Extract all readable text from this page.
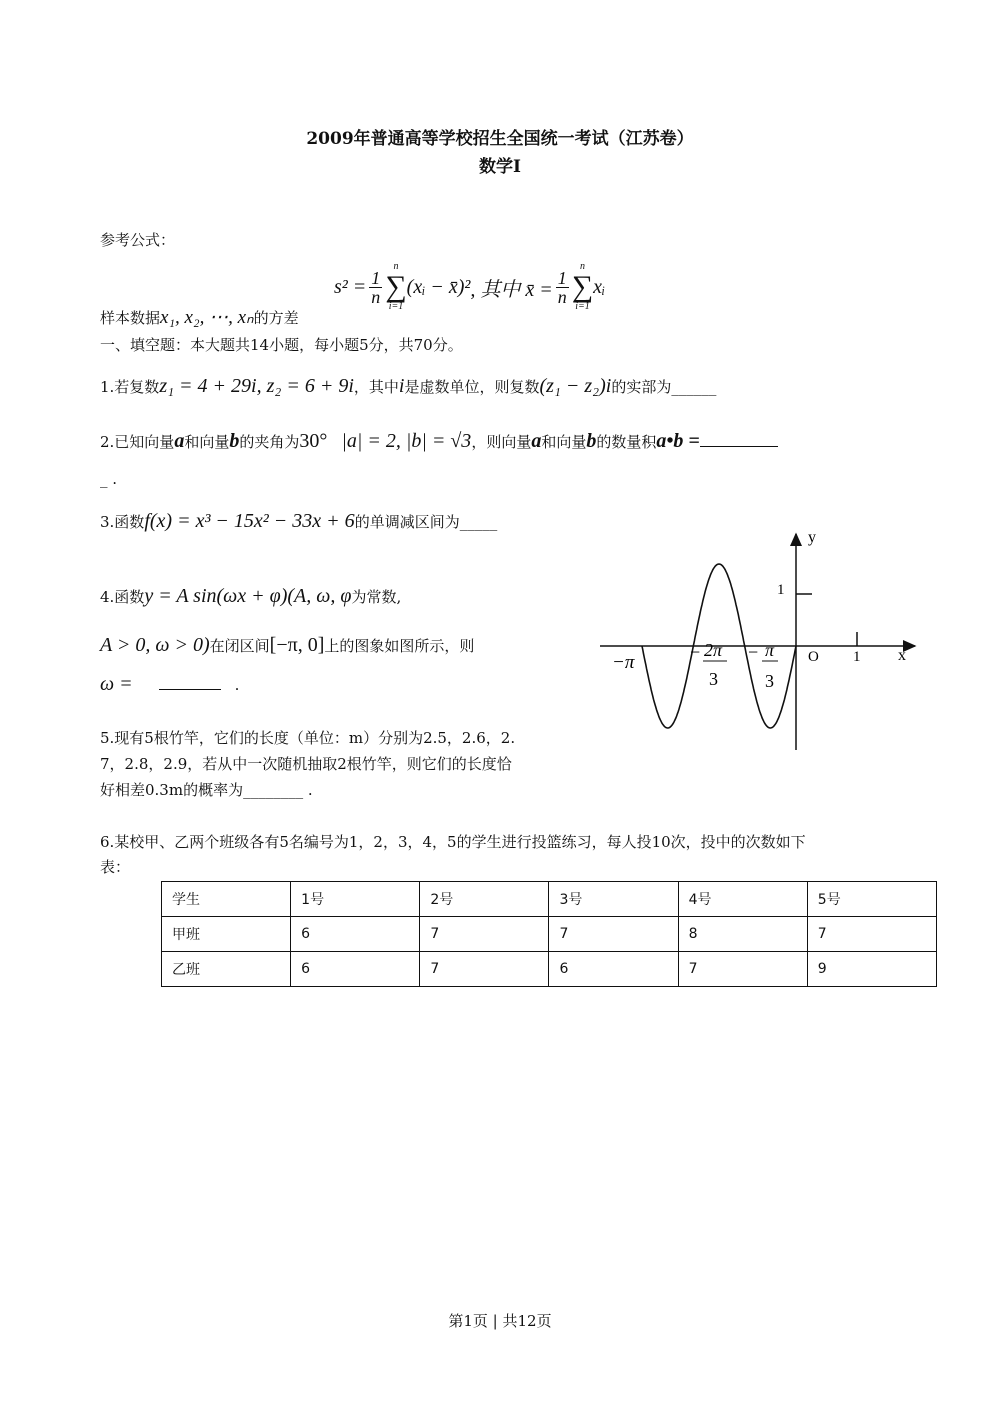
2009年普通高等学校招生全国统一考试（江苏卷）
数学I
参考公式：
样本数据x₁, x₂, ⋯, xₙ的方差
$s^2 = \frac{1}{n}$
n
∑
i=1
(xᵢ − x̄)² , 其中 x̄ = $\frac{1}{n}$
n
∑
i=1
xᵢ
一、填空题：本大题共14小题，每小题5分，共70分。
1.若复数 z₁ = 4 + 29i, z₂ = 6 + 9i ，其中 i 是虚数单位，则复数 (z₁ − z₂)i 的实部为______
2.已知向量 a 和向量 b 的夹角为 30° |a| = 2, |b| = √3 ，则向量 a 和向量 b 的数量积 a•b =
_ .
3.函数 f(x) = x³ − 15x² − 33x + 6 的单调减区间为_____
4.函数 y = A sin(ωx + φ)(A, ω, φ 为常数,
A > 0, ω > 0) 在闭区间 [−π, 0] 上的图象如图所示，则
ω =	.
y
x
O
1
1
−π	− 2π
3
− π
3
5.现有5根竹竿，它们的长度（单位：m）分别为2.5，2.6，2.
7，2.8，2.9，若从中一次随机抽取2根竹竿，则它们的长度恰
好相差0.3m的概率为________ .
6.某校甲、乙两个班级各有5名编号为1，2，3，4，5的学生进行投篮练习，每人投10次，投中的次数如下
表：
学生	1号	2号	3号	4号	5号
甲班	6	7	7	8	7
乙班	6	7	6	7	9
第1页 | 共12页
